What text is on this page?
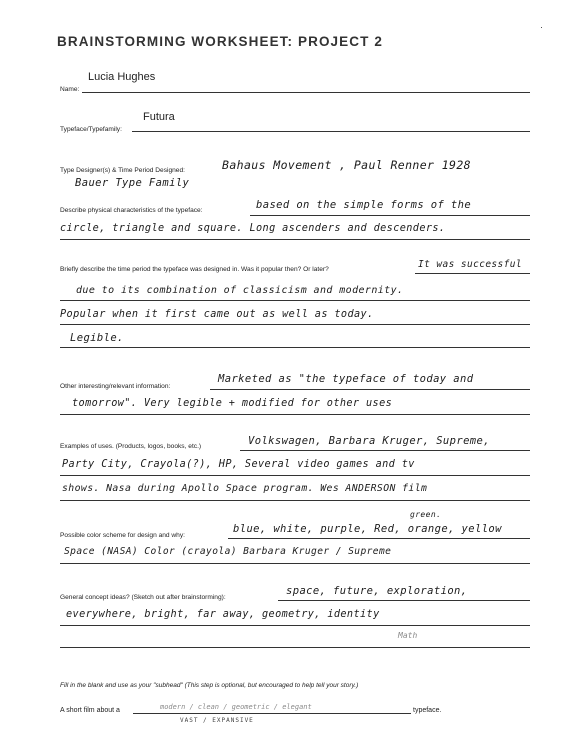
·
BRAINSTORMING WORKSHEET: PROJECT 2
Lucia Hughes
Name:
Futura
Typeface/Typefamily:
Type Designer(s) & Time Period Designed:	Bahaus Movement , Paul Renner 1928
Bauer Type Family
Describe physical characteristics of the typeface:	based on the simple forms of the
circle, triangle and square. Long ascenders and descenders.
Briefly describe the time period the typeface was designed in. Was it popular then? Or later?	It was successful
due to its combination of classicism and modernity.
Popular when it first came out as well as today.
Legible.
Other interesting/relevant information:
Marketed as "the typeface of today and
tomorrow". Very legible + modified for other uses
Examples of uses. (Products, logos, books, etc.)	Volkswagen, Barbara Kruger, Supreme,
Party City, Crayola(?), HP, Several video games and tv
shows. Nasa during Apollo Space program. Wes ANDERSON film
green.
Possible color scheme for design and why:
blue, white, purple, Red, orange, yellow
Space (NASA) Color (crayola) Barbara Kruger / Supreme
General concept ideas? (Sketch out after brainstorming):
space, future, exploration,
everywhere, bright, far away, geometry, identity
Math
Fill in the blank and use as your "subhead" (This step is optional, but encouraged to help tell your story.)
A short film about a	modern / clean / geometric / elegant	typeface.
VAST / EXPANSIVE
